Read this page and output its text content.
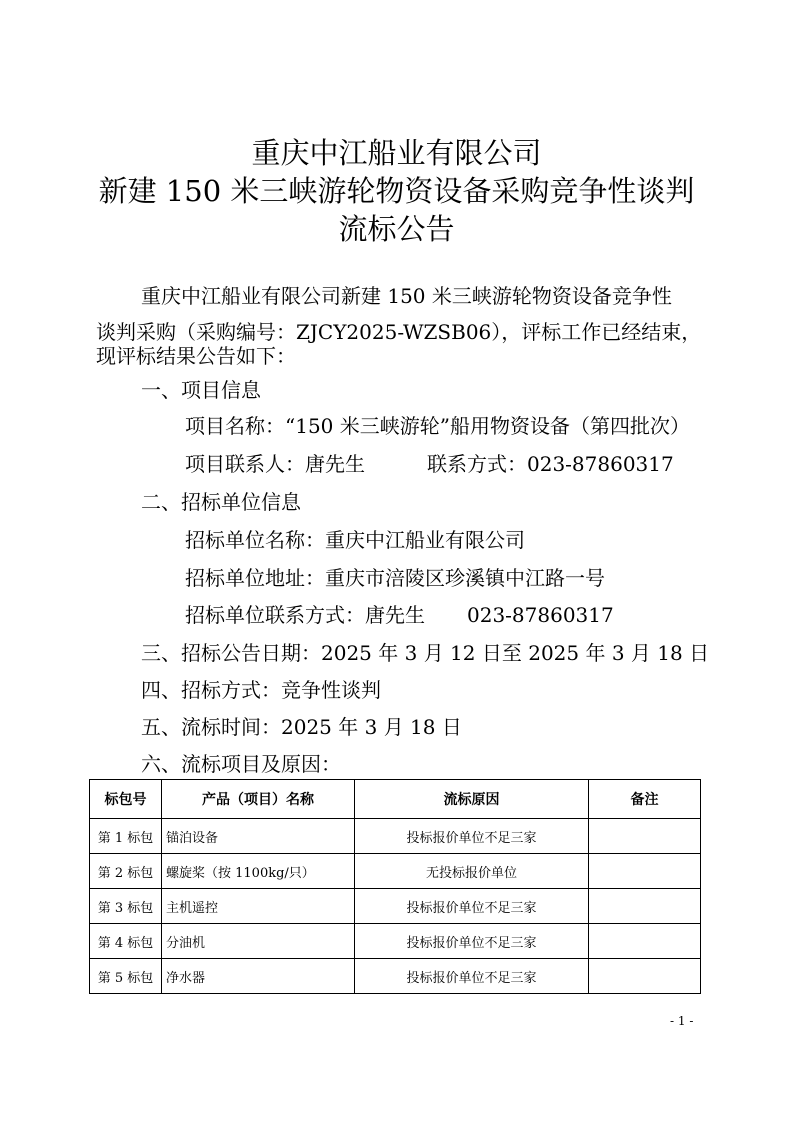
重庆中江船业有限公司
新建 150 米三峡游轮物资设备采购竞争性谈判
流标公告
重庆中江船业有限公司新建 150 米三峡游轮物资设备竞争性
谈判采购（采购编号：ZJCY2025-WZSB06），评标工作已经结束，
现评标结果公告如下：
一、项目信息
项目名称：“150 米三峡游轮”船用物资设备（第四批次）
项目联系人：唐先生	联系方式：023-87860317
二、招标单位信息
招标单位名称：重庆中江船业有限公司
招标单位地址：重庆市涪陵区珍溪镇中江路一号
招标单位联系方式：唐先生 023-87860317
三、招标公告日期：2025 年 3 月 12 日至 2025 年 3 月 18 日
四、招标方式：竞争性谈判
五、流标时间：2025 年 3 月 18 日
六、流标项目及原因：
标包号	产品（项目）名称	流标原因	备注
第 1 标包	锚泊设备	投标报价单位不足三家	
第 2 标包	螺旋桨（按 1100kg/只）	无投标报价单位	
第 3 标包	主机遥控	投标报价单位不足三家	
第 4 标包	分油机	投标报价单位不足三家	
第 5 标包	净水器	投标报价单位不足三家	
- 1 -
